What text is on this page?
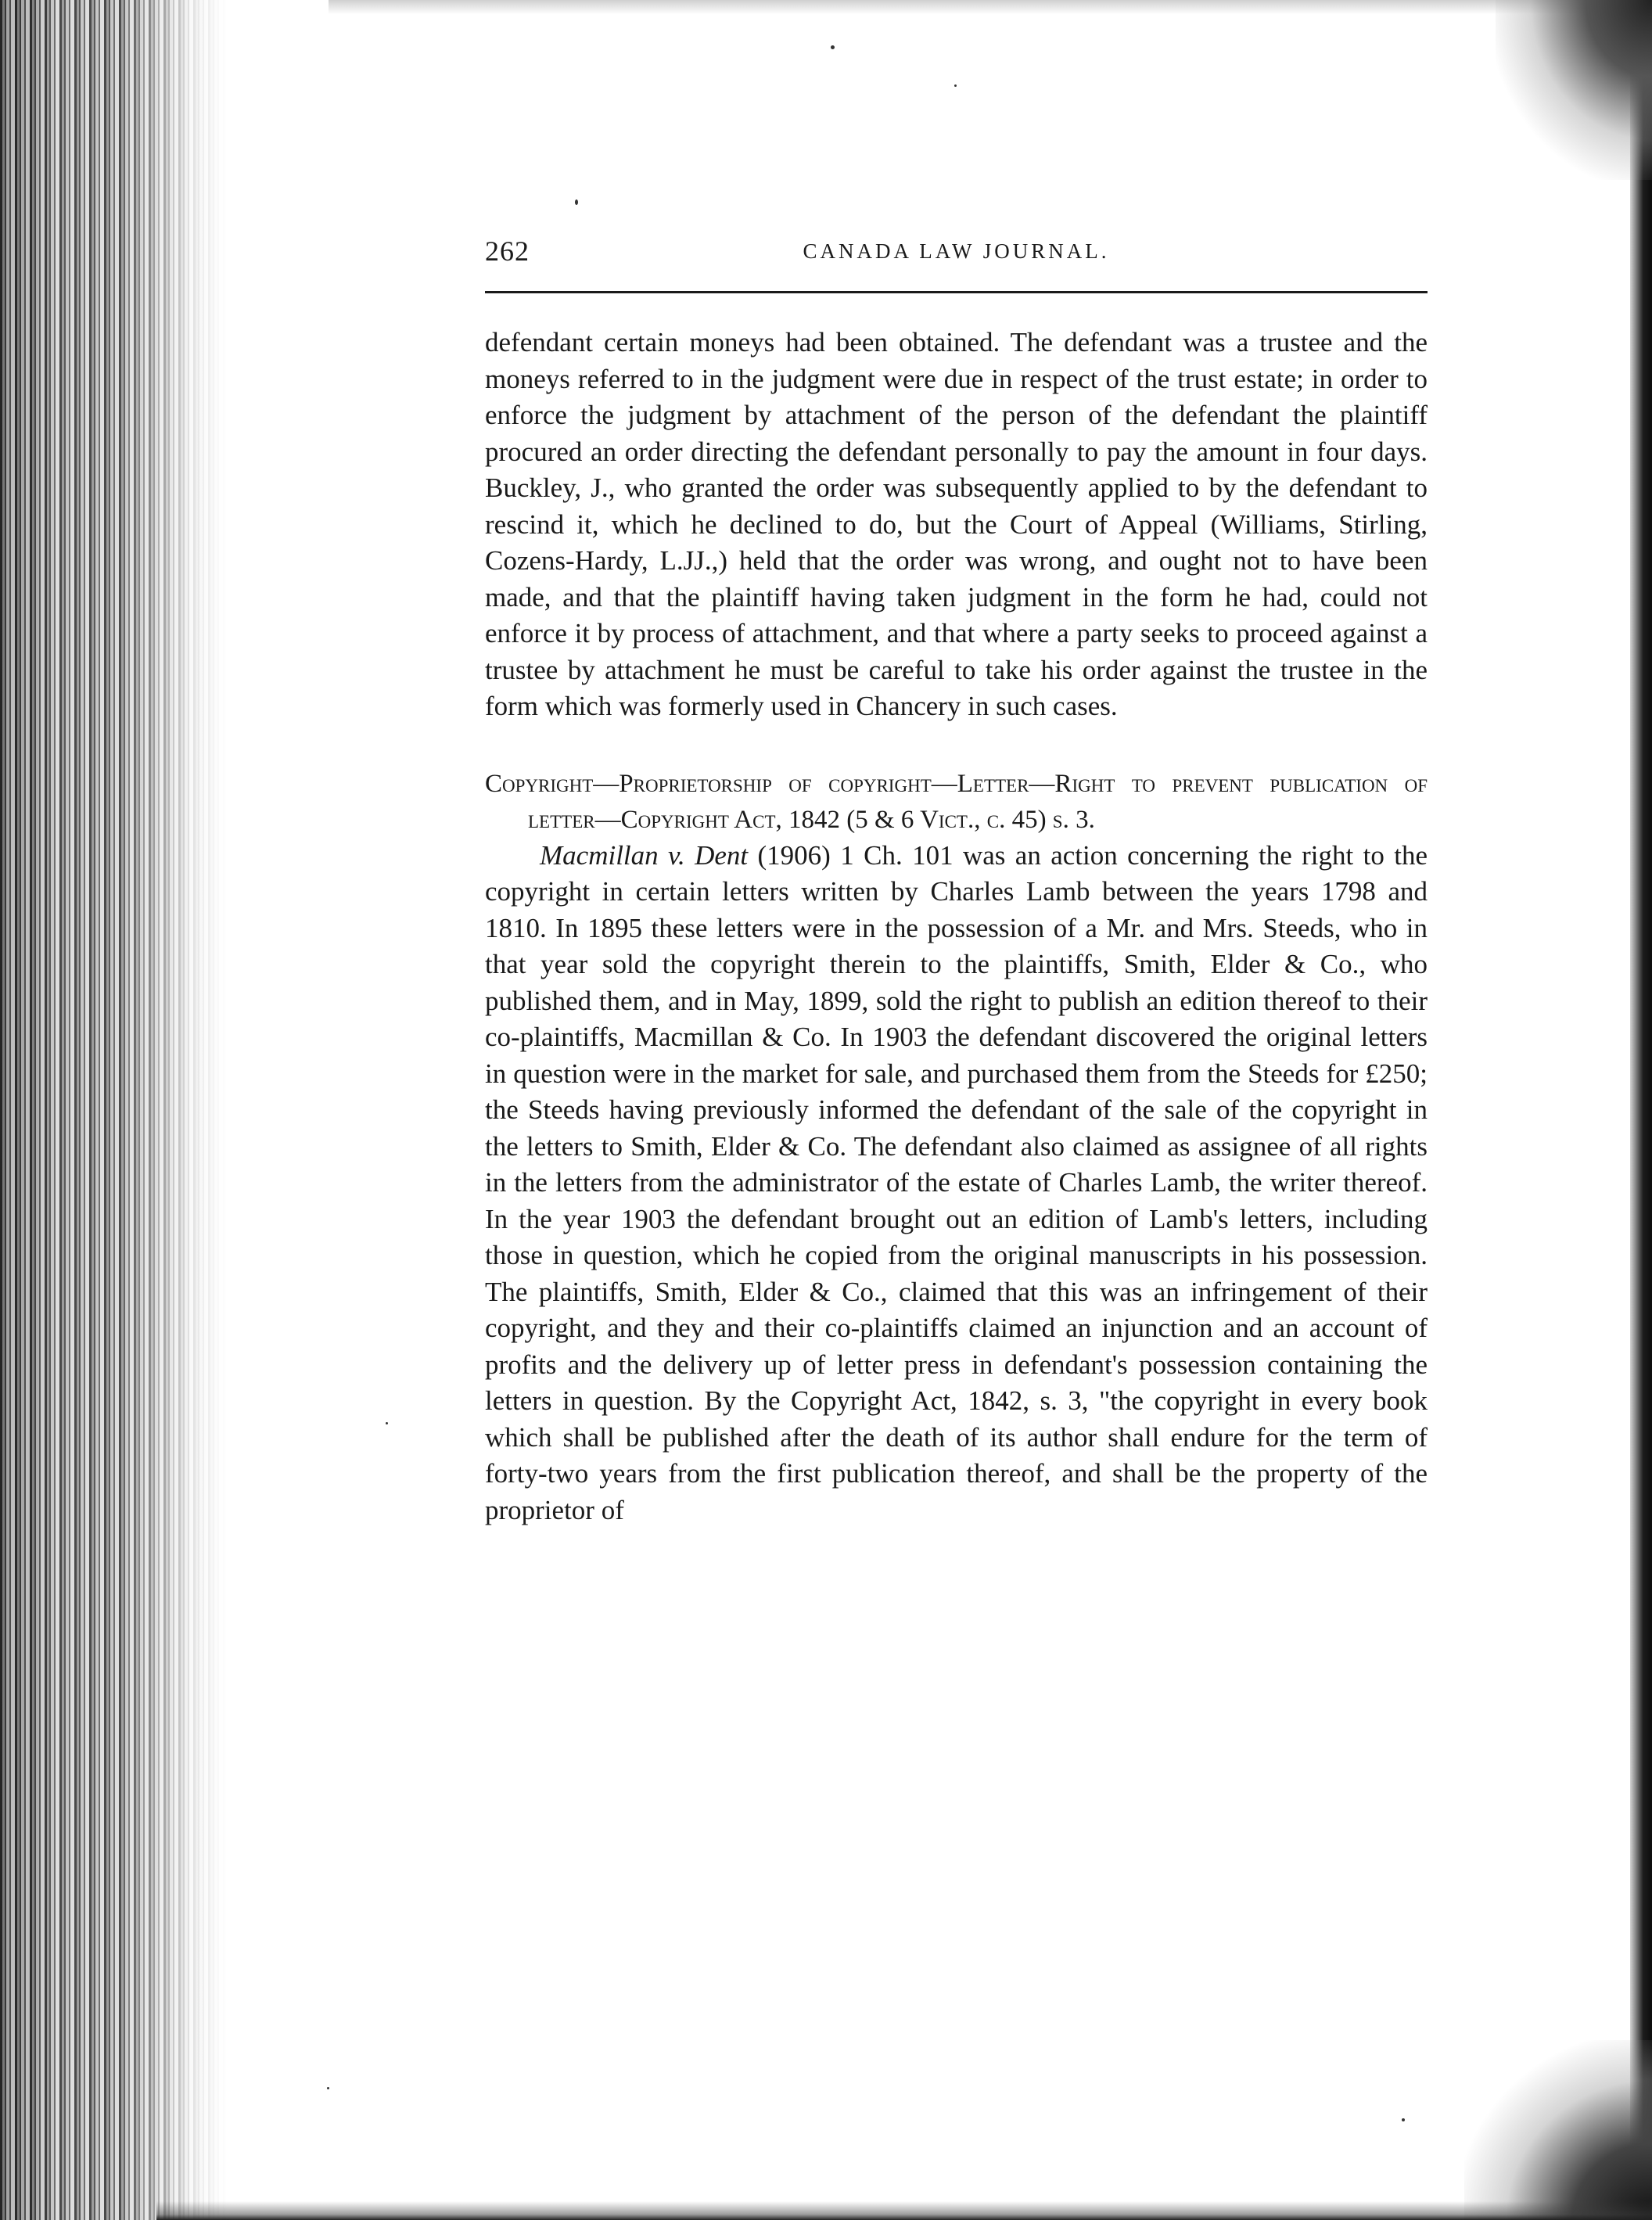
262	CANADA LAW JOURNAL.

defendant certain moneys had been obtained. The defendant was a trustee and the moneys referred to in the judgment were due in respect of the trust estate; in order to enforce the judgment by attachment of the person of the defendant the plaintiff procured an order directing the defendant personally to pay the amount in four days. Buckley, J., who granted the order was subsequently applied to by the defendant to rescind it, which he declined to do, but the Court of Appeal (Williams, Stirling, Cozens-Hardy, L.JJ.,) held that the order was wrong, and ought not to have been made, and that the plaintiff having taken judgment in the form he had, could not enforce it by process of attachment, and that where a party seeks to proceed against a trustee by attachment he must be careful to take his order against the trustee in the form which was formerly used in Chancery in such cases.

Copyright—Proprietorship of copyright—Letter—Right to prevent publication of letter—Copyright Act, 1842 (5 & 6 Vict., c. 45) s. 3.

Macmillan v. Dent (1906) 1 Ch. 101 was an action concerning the right to the copyright in certain letters written by Charles Lamb between the years 1798 and 1810. In 1895 these letters were in the possession of a Mr. and Mrs. Steeds, who in that year sold the copyright therein to the plaintiffs, Smith, Elder & Co., who published them, and in May, 1899, sold the right to publish an edition thereof to their co-plaintiffs, Macmillan & Co. In 1903 the defendant discovered the original letters in question were in the market for sale, and purchased them from the Steeds for £250; the Steeds having previously informed the defendant of the sale of the copyright in the letters to Smith, Elder & Co. The defendant also claimed as assignee of all rights in the letters from the administrator of the estate of Charles Lamb, the writer thereof. In the year 1903 the defendant brought out an edition of Lamb's letters, including those in question, which he copied from the original manuscripts in his possession. The plaintiffs, Smith, Elder & Co., claimed that this was an infringement of their copyright, and they and their co-plaintiffs claimed an injunction and an account of profits and the delivery up of letter press in defendant's possession containing the letters in question. By the Copyright Act, 1842, s. 3, "the copyright in every book which shall be published after the death of its author shall endure for the term of forty-two years from the first publication thereof, and shall be the property of the proprietor of
